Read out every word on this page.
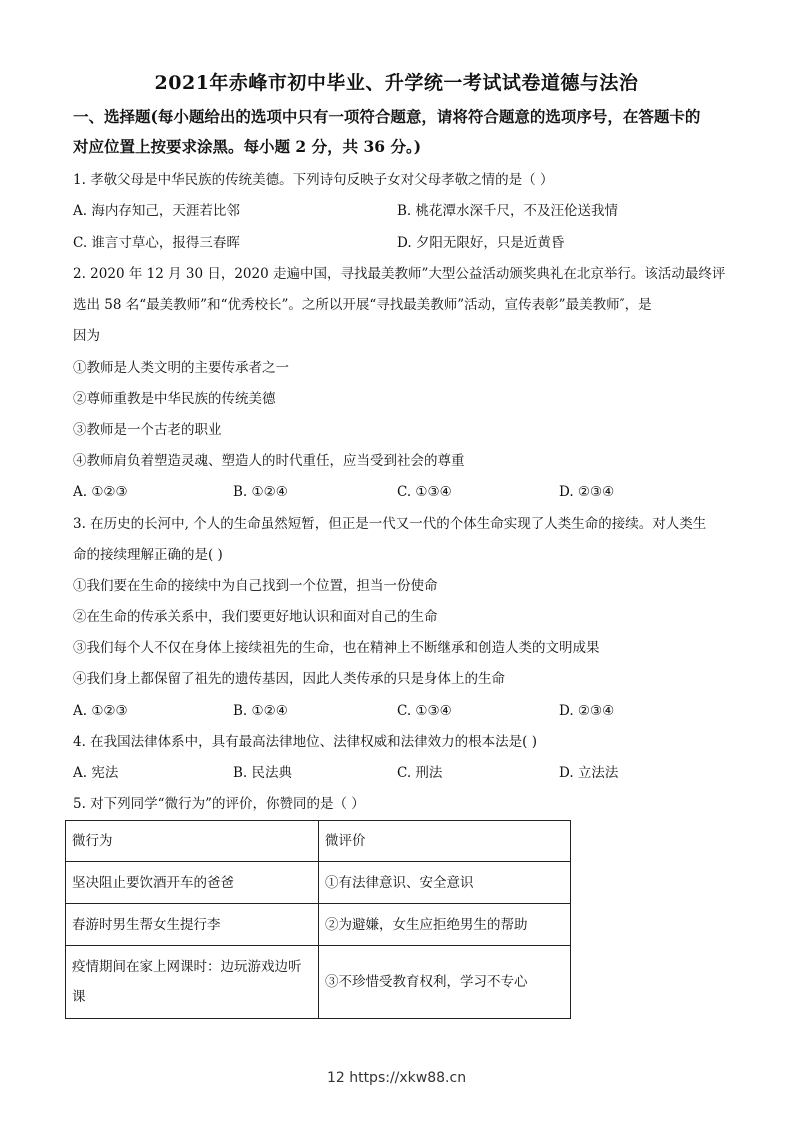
2021年赤峰市初中毕业、升学统一考试试卷道德与法治
一、选择题(每小题给出的选项中只有一项符合题意，请将符合题意的选项序号，在答题卡的
对应位置上按要求涂黑。每小题 2 分，共 36 分。)
1. 孝敬父母是中华民族的传统美德。下列诗句反映子女对父母孝敬之情的是（ ）
A. 海内存知己，天涯若比邻	B. 桃花潭水深千尺，不及汪伦送我情
C. 谁言寸草心，报得三春晖	D. 夕阳无限好，只是近黄昏
2. 2020 年 12 月 30 日，2020 走遍中国，寻找最美教师”大型公益活动颁奖典礼在北京举行。该活动最终评
选出 58 名“最美教师”和“优秀校长”。之所以开展“寻找最美教师”活动，宣传表彰”最美教师″，是
因为
①教师是人类文明的主要传承者之一
②尊师重教是中华民族的传统美德
③教师是一个古老的职业
④教师肩负着塑造灵魂、塑造人的时代重任，应当受到社会的尊重
A. ①②③	B. ①②④	C. ①③④	D. ②③④
3. 在历史的长河中, 个人的生命虽然短暂，但正是一代又一代的个体生命实现了人类生命的接续。对人类生
命的接续理解正确的是( )
①我们要在生命的接续中为自己找到一个位置，担当一份使命
②在生命的传承关系中，我们要更好地认识和面对自己的生命
③我们每个人不仅在身体上接续祖先的生命，也在精神上不断继承和创造人类的文明成果
④我们身上都保留了祖先的遗传基因，因此人类传承的只是身体上的生命
A. ①②③	B. ①②④	C. ①③④	D. ②③④
4. 在我国法律体系中，具有最高法律地位、法律权威和法律效力的根本法是( )
A. 宪法	B. 民法典	C. 刑法	D. 立法法
5. 对下列同学“微行为”的评价，你赞同的是（ ）
微行为	微评价
坚决阻止要饮酒开车的爸爸	①有法律意识、安全意识
春游时男生帮女生提行李	②为避嫌，女生应拒绝男生的帮助

疫情期间在家上网课时：边玩游戏边听
课	③不珍惜受教育权利，学习不专心
12 https://xkw88.cn
